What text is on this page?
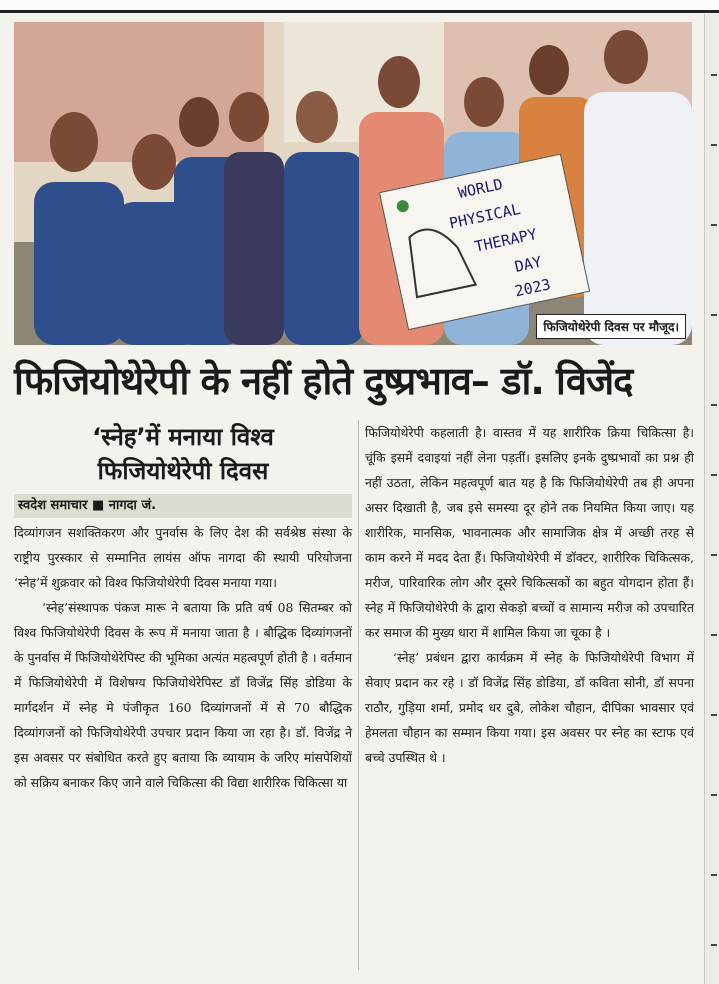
WORLD
PHYSICAL
THERAPY
DAY
2023
फिजियोथेरेपी दिवस पर मौजूद।
फिजियोथेरेपी के नहीं होते दुष्प्रभाव– डॉ. विजेंद
‘स्नेह’में मनाया विश्व
फिजियोथेरेपी दिवस
स्वदेश समाचार ■ नागदा जं.

दिव्यांगजन सशक्तिकरण और पुनर्वास के लिए देश की सर्वश्रेष्ठ संस्था के राष्ट्रीय पुरस्कार से सम्मानित लायंस ऑफ नागदा की स्थायी परियोजना ‘स्नेह’में शुक्रवार को विश्व फिजियोथेरेपी दिवस मनाया गया।

‘स्नेह’संस्थापक पंकज मारू ने बताया कि प्रति वर्ष 08 सितम्बर को विश्व फिजियोथेरेपी दिवस के रूप में मनाया जाता है । बौद्धिक दिव्यांगजनों के पुनर्वास में फिजियोथेरेपिस्ट की भूमिका अत्यंत महत्वपूर्ण होती है । वर्तमान में फिजियोथेरेपी में विशेषग्य फिजियोथेरेपिस्ट डॉ विजेंद्र सिंह डोडिया के मार्गदर्शन में स्नेह मे पंजीकृत 160 दिव्यांगजनों में से 70 बौद्धिक दिव्यांगजनों को फिजियोथेरेपी उपचार प्रदान किया जा रहा है। डॉ. विजेंद्र ने इस अवसर पर संबोधित करते हुए बताया कि व्यायाम के जरिए मांसपेशियों को सक्रिय बनाकर किए जाने वाले चिकित्सा की विद्या शारीरिक चिकित्सा या

फिजियोथेरेपी कहलाती है। वास्तव में यह शारीरिक क्रिया चिकित्सा है। चूंकि इसमें दवाइयां नहीं लेना पड़तीं। इसलिए इनके दुष्प्रभावों का प्रश्न ही नहीं उठता, लेकिन महत्वपूर्ण बात यह है कि फिजियोथेरेपी तब ही अपना असर दिखाती है, जब इसे समस्या दूर होने तक नियमित किया जाए। यह शारीरिक, मानसिक, भावनात्मक और सामाजिक क्षेत्र में अच्छी तरह से काम करने में मदद देता हैं। फिजियोथेरेपी में डॉक्टर, शारीरिक चिकित्सक, मरीज, पारिवारिक लोग और दूसरे चिकित्सकों का बहुत योगदान होता हैं। स्नेह में फिजियोथेरेपी के द्वारा सेकड़ो बच्चों व सामान्य मरीज को उपचारित कर समाज की मुख्य धारा में शामिल किया जा चूका है ।

‘स्नेह’ प्रबंधन द्वारा कार्यक्रम में स्नेह के फिजियोथेरेपी विभाग में सेवाए प्रदान कर रहे । डॉ विजेंद्र सिंह डोडिया, डॉ कविता सोनी, डॉ सपना राठौर, गुड़िया शर्मा, प्रमोद धर दुबे, लोकेश चौहान, दीपिका भावसार एवं हेमलता चौहान का सम्मान किया गया। इस अवसर पर स्नेह का स्टाफ एवं बच्चे उपस्थित थे ।
